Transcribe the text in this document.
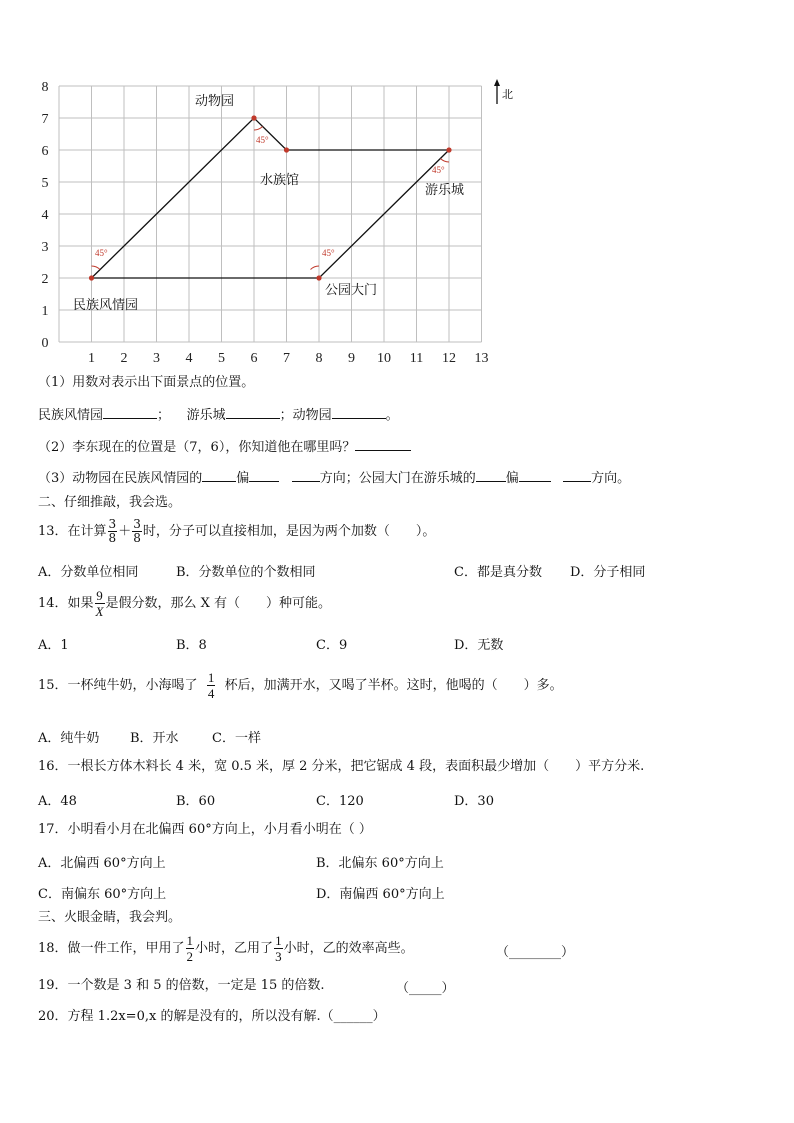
1 2 3 4 5 6 7 8 9 10 11 12 13
0
1
2
3
4
5
6
7
8
动物园
水族馆
游乐城
公园大门
民族风情园
45°
45°
45°
45°
北
（1）用数对表示出下面景点的位置。
民族风情园	； 游乐城	；动物园	。
（2）李东现在的位置是（7，6），你知道他在哪里吗？
（3）动物园在民族风情园的	偏	方向；公园大门在游乐城的 偏	方向。
二、仔细推敲，我会选。
13．在计算 $\frac{3}{8} + \frac{3}{8}$ 时，分子可以直接相加，是因为两个加数（　　）。
A．分数单位相同	B．分数单位的个数相同	C．都是真分数 D．分子相同
14．如果 $\frac{9}{X}$ 是假分数，那么 X 有（　　）种可能。
A．1	B．8	C．9	D．无数
15．一杯纯牛奶，小海喝了 $\frac{1}{4}$ 杯后，加满开水，又喝了半杯。这时，他喝的（　　）多。
A．纯牛奶 B．开水	C．一样
16．一根长方体木料长 4 米，宽 0.5 米，厚 2 分米，把它锯成 4 段，表面积最少增加（　　）平方分米.
A．48	B．60	C．120	D．30
17．小明看小月在北偏西 60°方向上，小月看小明在（ ）
A．北偏西 60°方向上	B．北偏东 60°方向上
C．南偏东 60°方向上	D．南偏西 60°方向上
三、火眼金睛，我会判。
18．做一件工作，甲用了 $\frac{1}{2}$ 小时，乙用了 $\frac{1}{3}$ 小时，乙的效率高些。	（________）
19．一个数是 3 和 5 的倍数，一定是 15 的倍数.	（_____）
20．方程 1.2x=0,x 的解是没有的，所以没有解.（______）
